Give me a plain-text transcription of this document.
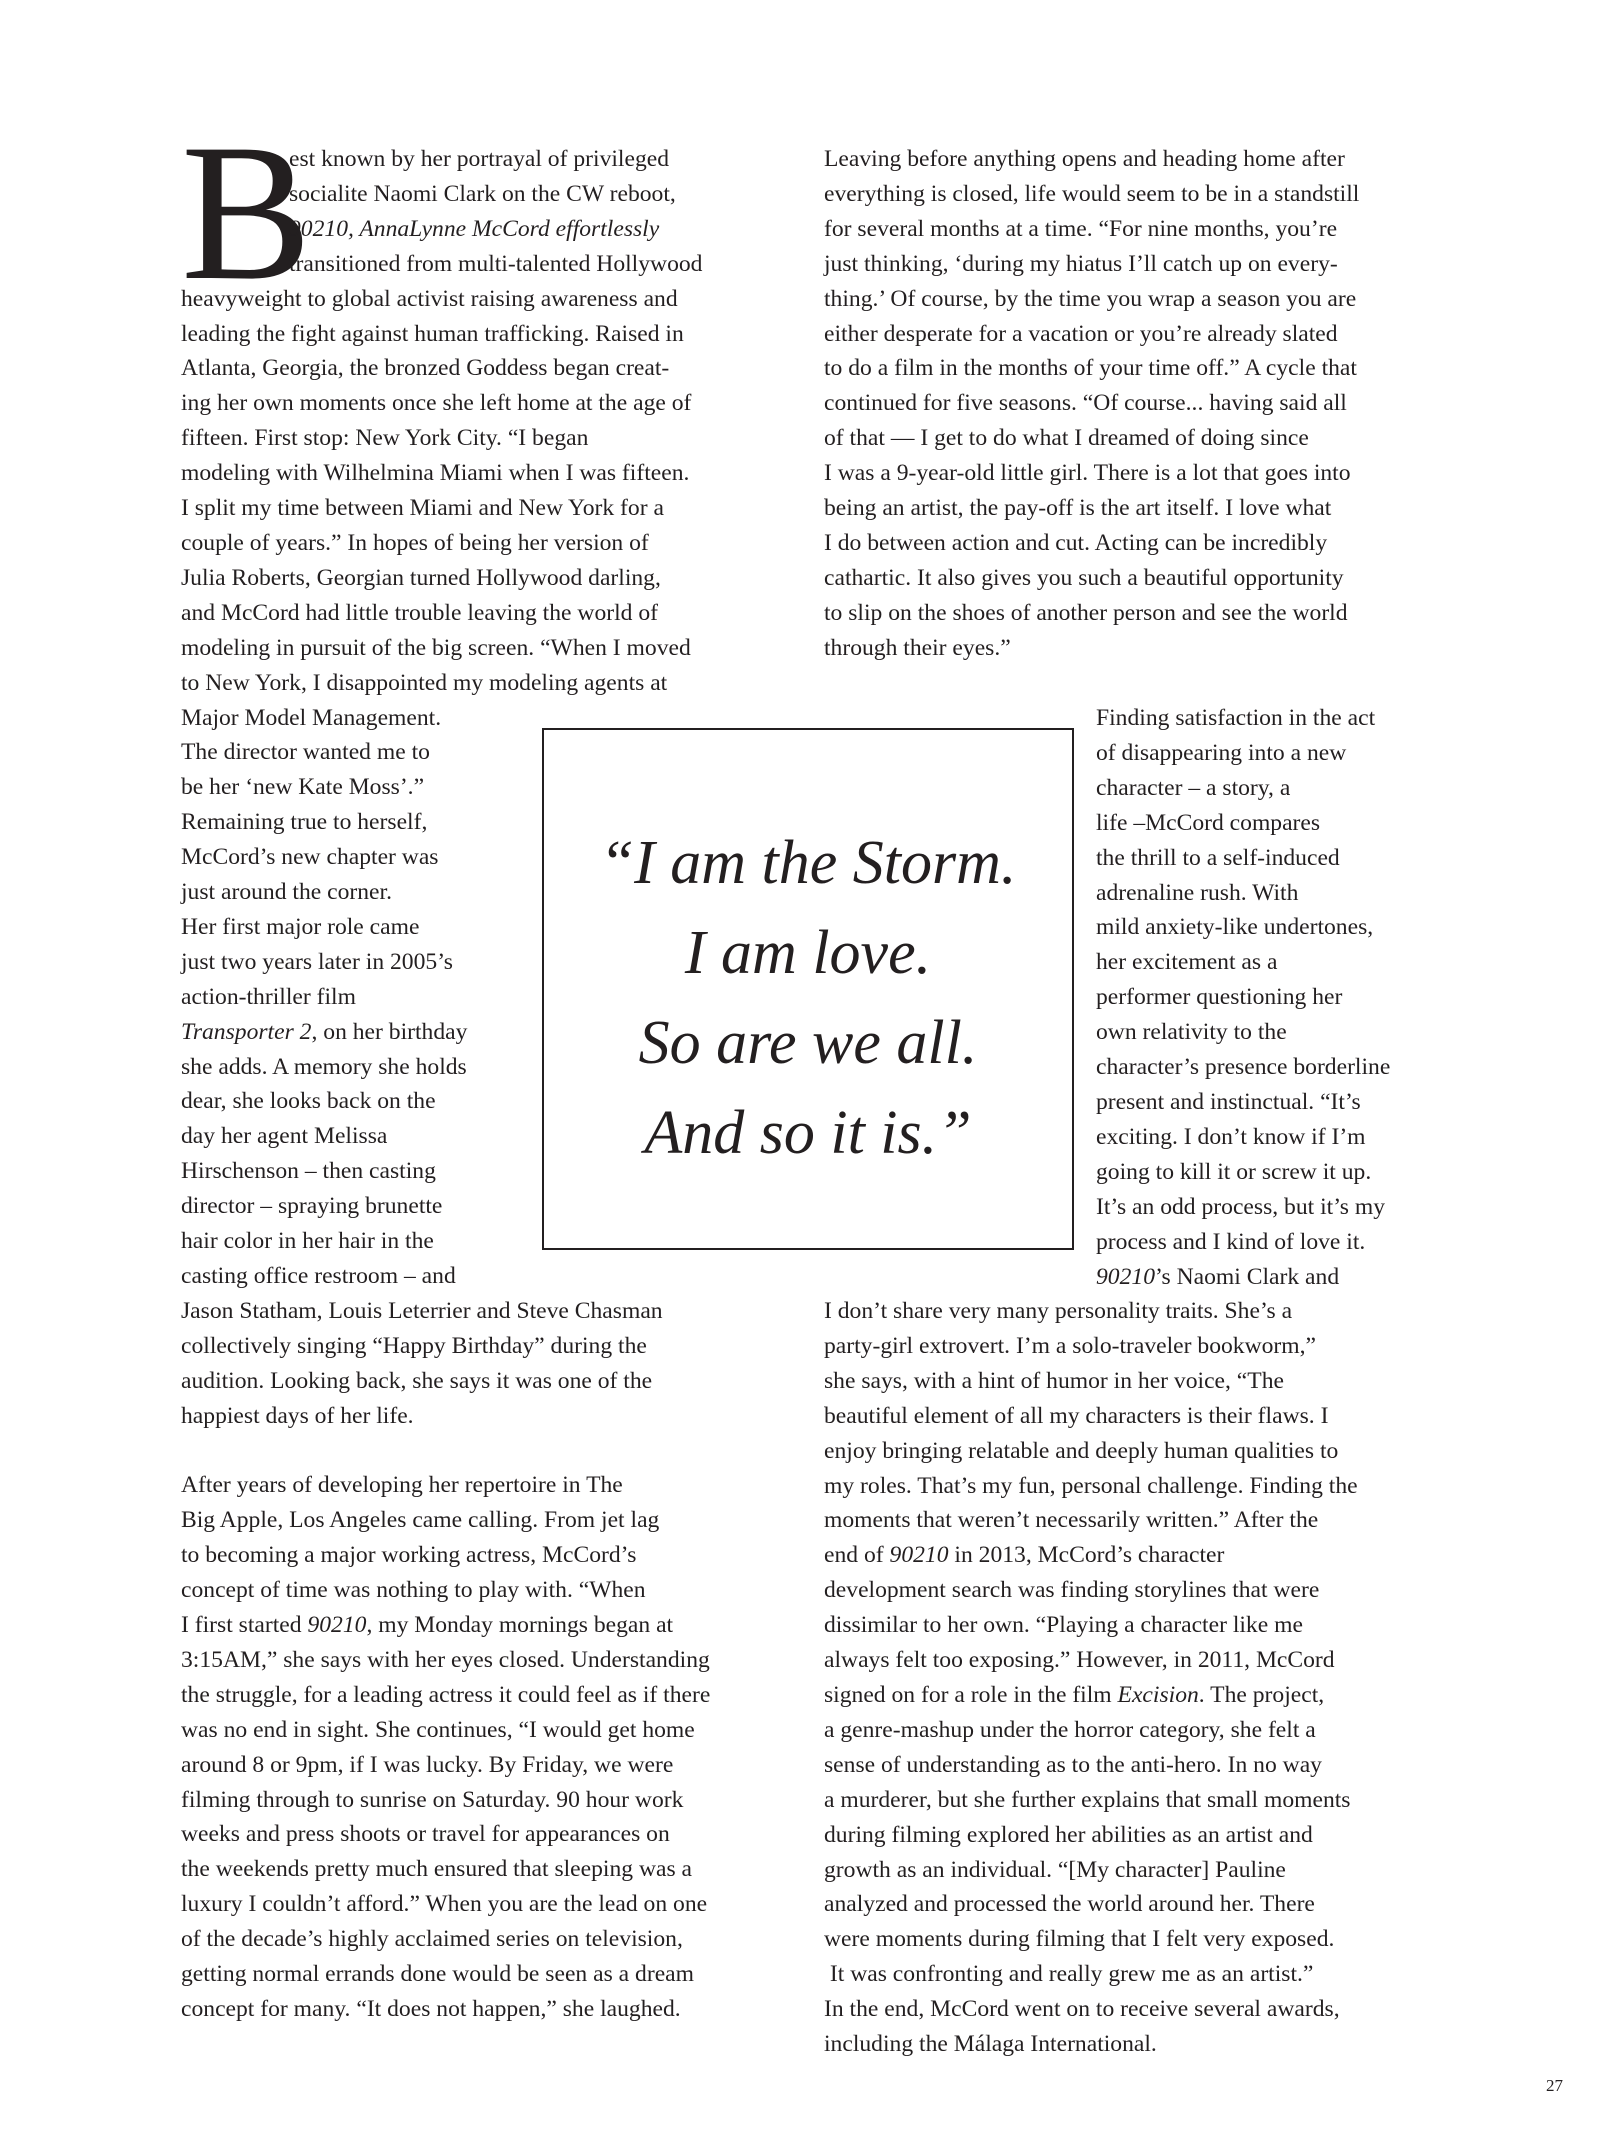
B
est known by her portrayal of privileged
socialite Naomi Clark on the CW reboot,
90210, AnnaLynne McCord effortlessly
transitioned from multi-talented Hollywood
heavyweight to global activist raising awareness and
leading the fight against human trafficking. Raised in
Atlanta, Georgia, the bronzed Goddess began creat-
ing her own moments once she left home at the age of
fifteen. First stop: New York City. “I began
modeling with Wilhelmina Miami when I was fifteen.
I split my time between Miami and New York for a
couple of years.” In hopes of being her version of
Julia Roberts, Georgian turned Hollywood darling,
and McCord had little trouble leaving the world of
modeling in pursuit of the big screen. “When I moved
to New York, I disappointed my modeling agents at
Major Model Management.
The director wanted me to
be her ‘new Kate Moss’.”
Remaining true to herself,
McCord’s new chapter was
just around the corner.
Her first major role came
just two years later in 2005’s
action-thriller film
Transporter 2, on her birthday
she adds. A memory she holds
dear, she looks back on the
day her agent Melissa
Hirschenson – then casting
director – spraying brunette
hair color in her hair in the
casting office restroom – and
Jason Statham, Louis Leterrier and Steve Chasman
collectively singing “Happy Birthday” during the
audition. Looking back, she says it was one of the
happiest days of her life.
After years of developing her repertoire in The
Big Apple, Los Angeles came calling. From jet lag
to becoming a major working actress, McCord’s
concept of time was nothing to play with. “When
I first started 90210, my Monday mornings began at
3:15AM,” she says with her eyes closed. Understanding
the struggle, for a leading actress it could feel as if there
was no end in sight. She continues, “I would get home
around 8 or 9pm, if I was lucky. By Friday, we were
filming through to sunrise on Saturday. 90 hour work
weeks and press shoots or travel for appearances on
the weekends pretty much ensured that sleeping was a
luxury I couldn’t afford.” When you are the lead on one
of the decade’s highly acclaimed series on television,
getting normal errands done would be seen as a dream
concept for many. “It does not happen,” she laughed.
Leaving before anything opens and heading home after
everything is closed, life would seem to be in a standstill
for several months at a time. “For nine months, you’re
just thinking, ‘during my hiatus I’ll catch up on every-
thing.’ Of course, by the time you wrap a season you are
either desperate for a vacation or you’re already slated
to do a film in the months of your time off.” A cycle that
continued for five seasons. “Of course... having said all
of that — I get to do what I dreamed of doing since
I was a 9-year-old little girl. There is a lot that goes into
being an artist, the pay-off is the art itself. I love what
I do between action and cut. Acting can be incredibly
cathartic. It also gives you such a beautiful opportunity
to slip on the shoes of another person and see the world
through their eyes.”
Finding satisfaction in the act
of disappearing into a new
character – a story, a
life –McCord compares
the thrill to a self-induced
adrenaline rush. With
mild anxiety-like undertones,
her excitement as a
performer questioning her
own relativity to the
character’s presence borderline
present and instinctual. “It’s
exciting. I don’t know if I’m
going to kill it or screw it up.
It’s an odd process, but it’s my
process and I kind of love it.
90210’s Naomi Clark and
I don’t share very many personality traits. She’s a
party-girl extrovert. I’m a solo-traveler bookworm,”
she says, with a hint of humor in her voice, “The
beautiful element of all my characters is their flaws. I
enjoy bringing relatable and deeply human qualities to
my roles. That’s my fun, personal challenge. Finding the
moments that weren’t necessarily written.” After the
end of 90210 in 2013, McCord’s character
development search was finding storylines that were
dissimilar to her own. “Playing a character like me
always felt too exposing.” However, in 2011, McCord
signed on for a role in the film Excision. The project,
a genre-mashup under the horror category, she felt a
sense of understanding as to the anti-hero. In no way
a murderer, but she further explains that small moments
during filming explored her abilities as an artist and
growth as an individual. “[My character] Pauline
analyzed and processed the world around her. There
were moments during filming that I felt very exposed.
It was confronting and really grew me as an artist.”
In the end, McCord went on to receive several awards,
including the Málaga International.
“I am the Storm.
I am love.
So are we all.
And so it is.”
27
